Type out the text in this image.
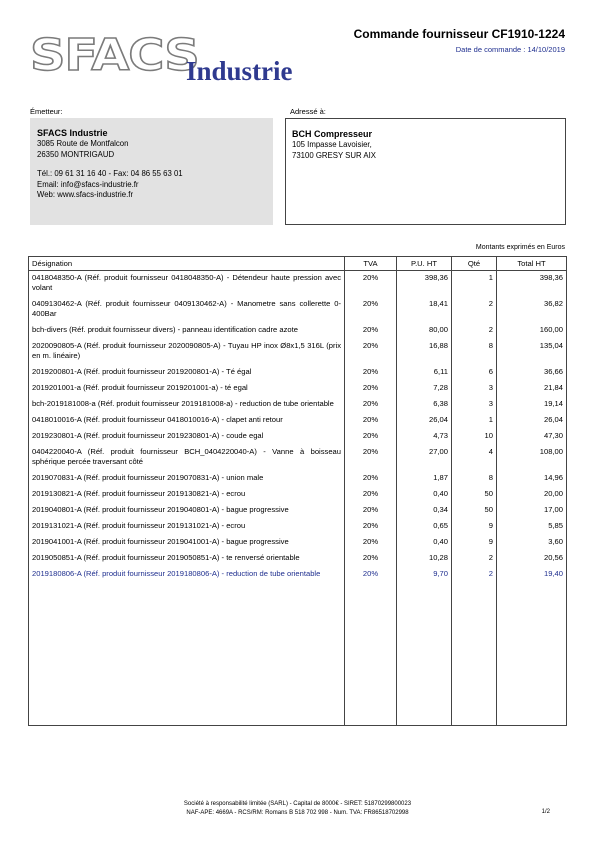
SFACS
Industrie
Commande fournisseur CF1910-1224
Date de commande : 14/10/2019
Émetteur:	Adressé à:
SFACS Industrie
3085 Route de Montfalcon
26350 MONTRIGAUD
Tél.: 09 61 31 16 40 - Fax: 04 86 55 63 01
Email: info@sfacs-industrie.fr
Web: www.sfacs-industrie.fr
BCH Compresseur
105 Impasse Lavoisier,
73100 GRESY SUR AIX
Montants exprimés en Euros
Désignation	TVA	P.U. HT	Qté	Total HT
0418048350-A (Réf. produit fournisseur 0418048350-A) - Détendeur haute pression avec volant	20%	398,36	1	398,36
0409130462-A (Réf. produit fournisseur 0409130462-A) - Manometre sans collerette 0-400Bar	20%	18,41	2	36,82
bch-divers (Réf. produit fournisseur divers) - panneau identification cadre azote	20%	80,00	2	160,00
2020090805-A (Réf. produit fournisseur 2020090805-A) - Tuyau HP inox Ø8x1,5 316L (prix en m. linéaire)	20%	16,88	8	135,04
2019200801-A (Réf. produit fournisseur 2019200801-A) - Té égal	20%	6,11	6	36,66
2019201001-a (Réf. produit fournisseur 2019201001-a) - té egal	20%	7,28	3	21,84
bch-2019181008-a (Réf. produit fournisseur 2019181008-a) - reduction de tube orientable	20%	6,38	3	19,14
0418010016-A (Réf. produit fournisseur 0418010016-A) - clapet anti retour	20%	26,04	1	26,04
2019230801-A (Réf. produit fournisseur 2019230801-A) - coude egal	20%	4,73	10	47,30
0404220040-A (Réf. produit fournisseur BCH_0404220040-A) - Vanne à boisseau sphérique percée traversant côté	20%	27,00	4	108,00
2019070831-A (Réf. produit fournisseur 2019070831-A) - union male	20%	1,87	8	14,96
2019130821-A (Réf. produit fournisseur 2019130821-A) - ecrou	20%	0,40	50	20,00
2019040801-A (Réf. produit fournisseur 2019040801-A) - bague progressive	20%	0,34	50	17,00
2019131021-A (Réf. produit fournisseur 2019131021-A) - ecrou	20%	0,65	9	5,85
2019041001-A (Réf. produit fournisseur 2019041001-A) - bague progressive	20%	0,40	9	3,60
2019050851-A (Réf. produit fournisseur 2019050851-A) - te renversé orientable	20%	10,28	2	20,56
2019180806-A (Réf. produit fournisseur 2019180806-A) - reduction de tube orientable	20%	9,70	2	19,40

Société à responsabilité limitée (SARL) - Capital de 8000€ - SIRET: 51870299800023
NAF-APE: 4669A - RCS/RM: Romans B 518 702 998 - Num. TVA: FR86518702998	1/2
